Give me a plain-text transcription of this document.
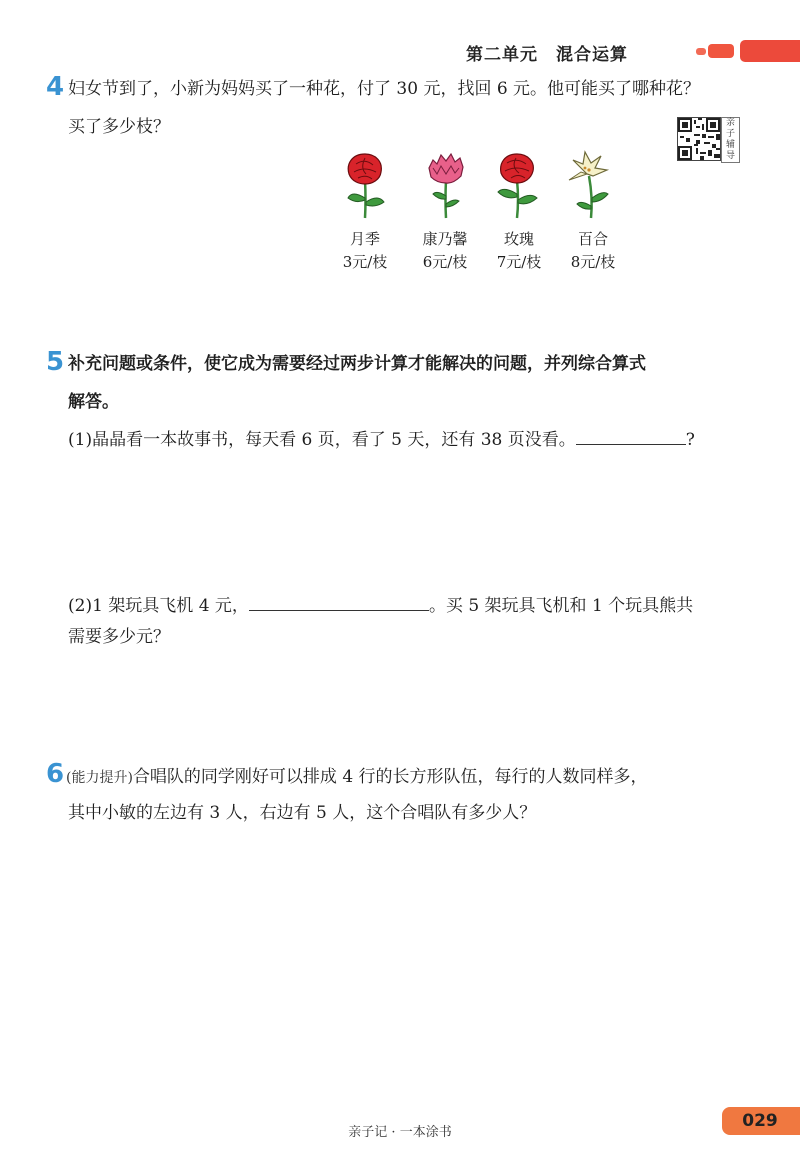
第二单元 混合运算
4 妇女节到了，小新为妈妈买了一种花，付了 30 元，找回 6 元。他可能买了哪种花？
买了多少枝？	亲子辅导
月季
3元/枝
康乃馨
6元/枝
玫瑰
7元/枝
百合
8元/枝
5 补充问题或条件，使它成为需要经过两步计算才能解决的问题，并列综合算式
解答。
(1)晶晶看一本故事书，每天看 6 页，看了 5 天，还有 38 页没看。	?
(2)1 架玩具飞机 4 元，	。买 5 架玩具飞机和 1 个玩具熊共
需要多少元？
6 (能力提升)合唱队的同学刚好可以排成 4 行的长方形队伍，每行的人数同样多，
其中小敏的左边有 3 人，右边有 5 人，这个合唱队有多少人？
亲子记 · 一本涂书
029
